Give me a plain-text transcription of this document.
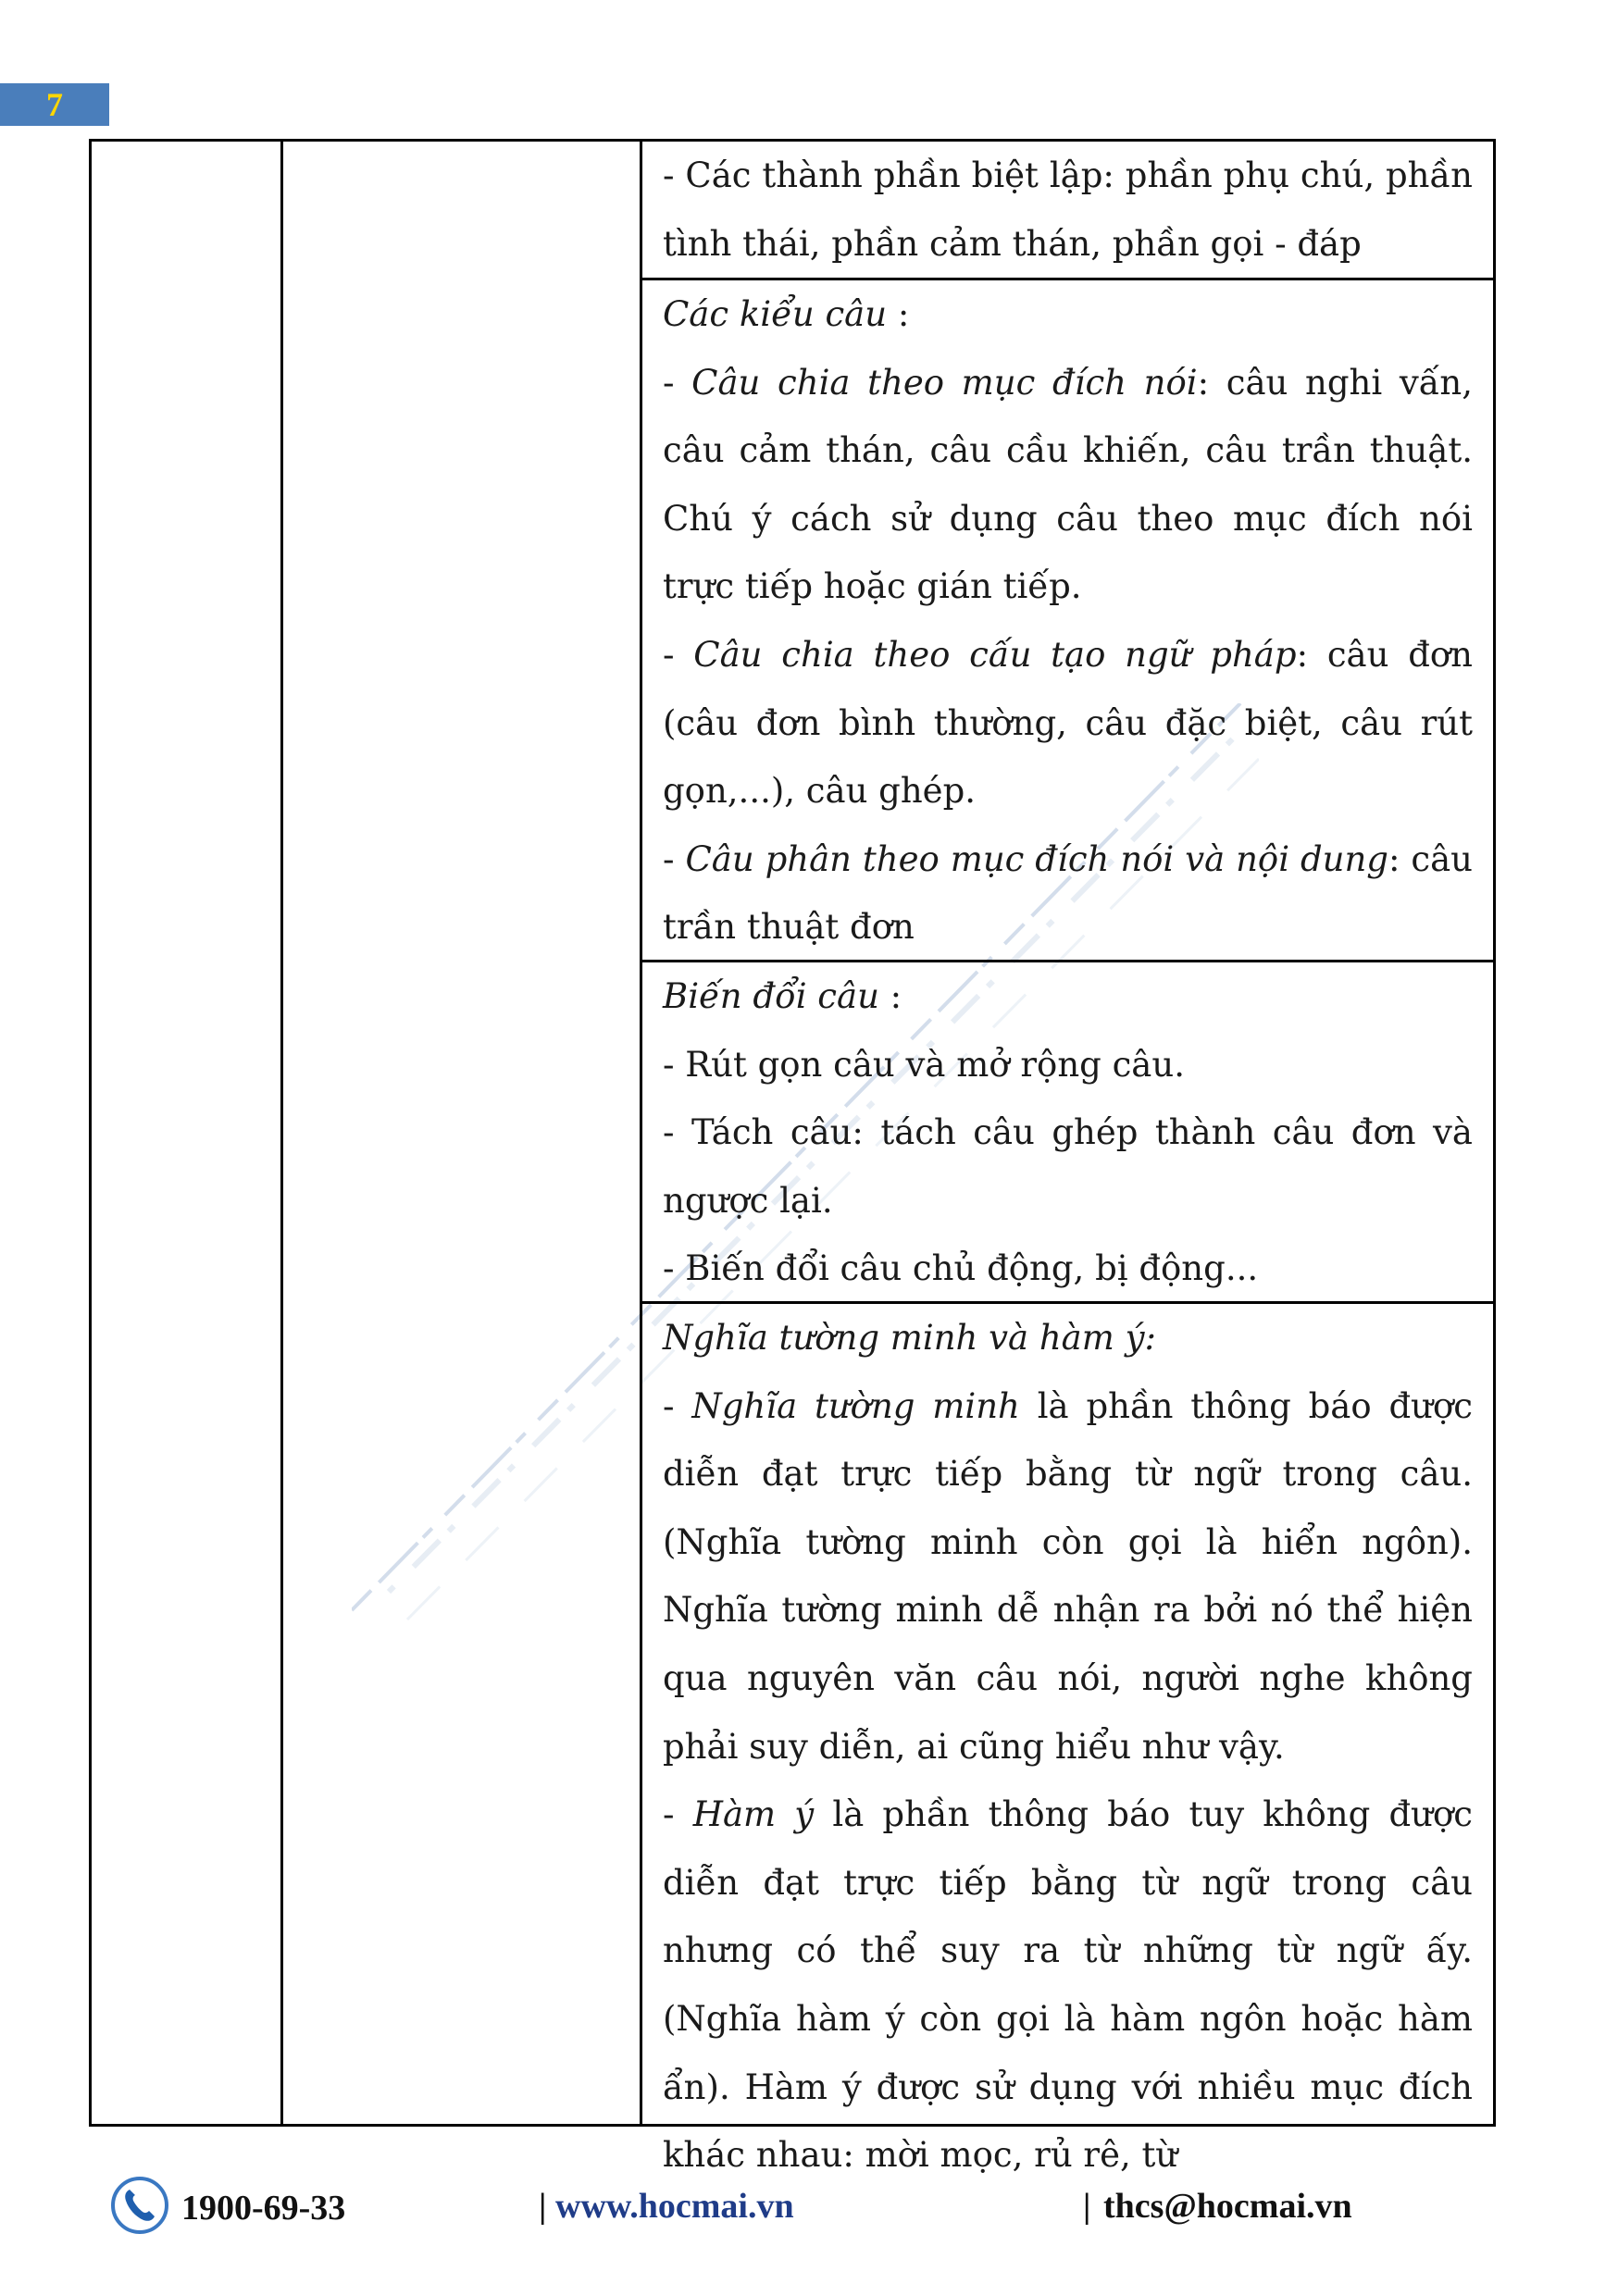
7

- Các thành phần biệt lập: phần phụ chú, phần tình thái, phần cảm thán, phần gọi - đáp

Các kiểu câu :

- Câu chia theo mục đích nói: câu nghi vấn, câu cảm thán, câu cầu khiến, câu trần thuật. Chú ý cách sử dụng câu theo mục đích nói trực tiếp hoặc gián tiếp.

- Câu chia theo cấu tạo ngữ pháp: câu đơn (câu đơn bình thường, câu đặc biệt, câu rút gọn,...), câu ghép.

- Câu phân theo mục đích nói và nội dung: câu trần thuật đơn

Biến đổi câu :

- Rút gọn câu và mở rộng câu.

- Tách câu: tách câu ghép thành câu đơn và ngược lại.

- Biến đổi câu chủ động, bị động...

Nghĩa tường minh và hàm ý:

- Nghĩa tường minh là phần thông báo được diễn đạt trực tiếp bằng từ ngữ trong câu.(Nghĩa tường minh còn gọi là hiển ngôn). Nghĩa tường minh dễ nhận ra bởi nó thể hiện qua nguyên văn câu nói, người nghe không phải suy diễn, ai cũng hiểu như vậy.

- Hàm ý là phần thông báo tuy không được diễn đạt trực tiếp bằng từ ngữ trong câu nhưng có thể suy ra từ những từ ngữ ấy. (Nghĩa hàm ý còn gọi là hàm ngôn hoặc hàm ẩn). Hàm ý được sử dụng với nhiều mục đích khác nhau: mời mọc, rủ rê, từ

1900-69-33	| www.hocmai.vn	| thcs@hocmai.vn
